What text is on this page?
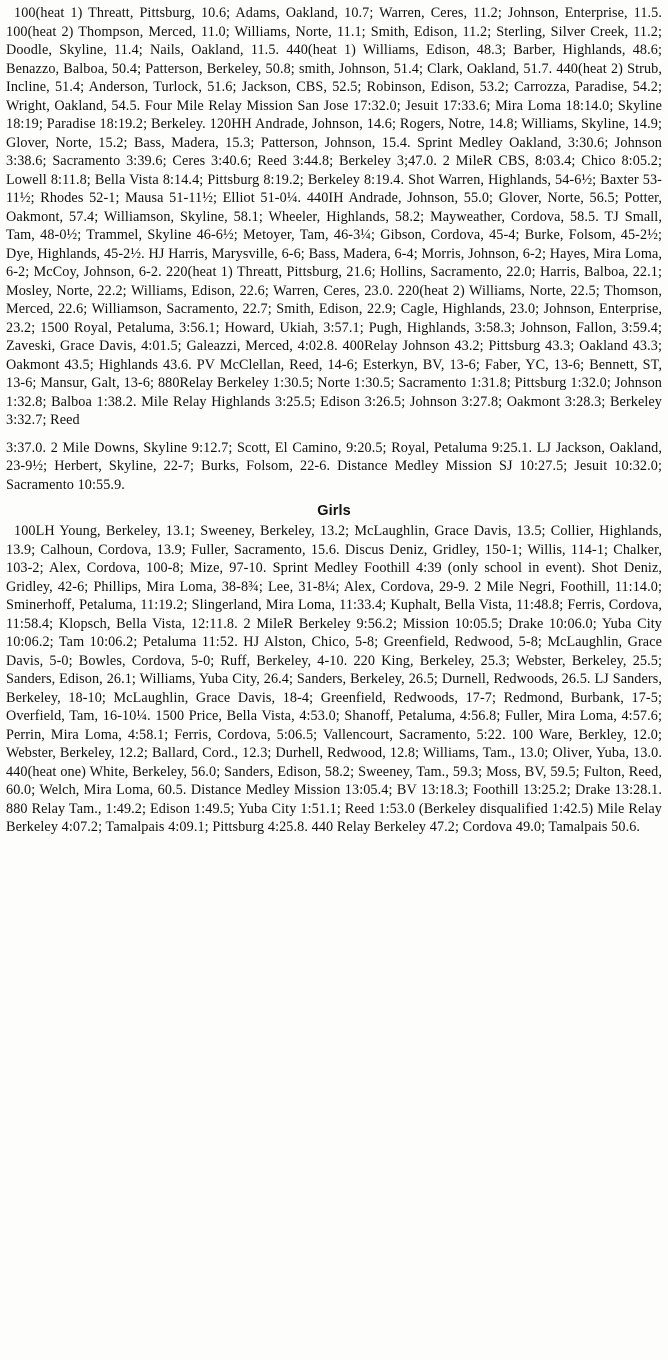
100(heat 1) Threatt, Pittsburg, 10.6; Adams, Oakland, 10.7; Warren, Ceres, 11.2; Johnson, Enterprise, 11.5. 100(heat 2) Thompson, Merced, 11.0; Williams, Norte, 11.1; Smith, Edison, 11.2; Sterling, Silver Creek, 11.2; Doodle, Skyline, 11.4; Nails, Oakland, 11.5. 440(heat 1) Williams, Edison, 48.3; Barber, Highlands, 48.6; Benazzo, Balboa, 50.4; Patterson, Berkeley, 50.8; smith, Johnson, 51.4; Clark, Oakland, 51.7. 440(heat 2) Strub, Incline, 51.4; Anderson, Turlock, 51.6; Jackson, CBS, 52.5; Robinson, Edison, 53.2; Carrozza, Paradise, 54.2; Wright, Oakland, 54.5. Four Mile Relay Mission San Jose 17:32.0; Jesuit 17:33.6; Mira Loma 18:14.0; Skyline 18:19; Paradise 18:19.2; Berkeley. 120HH Andrade, Johnson, 14.6; Rogers, Notre, 14.8; Williams, Skyline, 14.9; Glover, Norte, 15.2; Bass, Madera, 15.3; Patterson, Johnson, 15.4. Sprint Medley Oakland, 3:30.6; Johnson 3:38.6; Sacramento 3:39.6; Ceres 3:40.6; Reed 3:44.8; Berkeley 3;47.0. 2 MileR CBS, 8:03.4; Chico 8:05.2; Lowell 8:11.8; Bella Vista 8:14.4; Pittsburg 8:19.2; Berkeley 8:19.4. Shot Warren, Highlands, 54-6½; Baxter 53-11½; Rhodes 52-1; Mausa 51-11½; Elliot 51-0¼. 440IH Andrade, Johnson, 55.0; Glover, Norte, 56.5; Potter, Oakmont, 57.4; Williamson, Skyline, 58.1; Wheeler, Highlands, 58.2; Mayweather, Cordova, 58.5. TJ Small, Tam, 48-0½; Trammel, Skyline 46-6½; Metoyer, Tam, 46-3¼; Gibson, Cordova, 45-4; Burke, Folsom, 45-2½; Dye, Highlands, 45-2½. HJ Harris, Marysville, 6-6; Bass, Madera, 6-4; Morris, Johnson, 6-2; Hayes, Mira Loma, 6-2; McCoy, Johnson, 6-2. 220(heat 1) Threatt, Pittsburg, 21.6; Hollins, Sacramento, 22.0; Harris, Balboa, 22.1; Mosley, Norte, 22.2; Williams, Edison, 22.6; Warren, Ceres, 23.0. 220(heat 2) Williams, Norte, 22.5; Thomson, Merced, 22.6; Williamson, Sacramento, 22.7; Smith, Edison, 22.9; Cagle, Highlands, 23.0; Johnson, Enterprise, 23.2; 1500 Royal, Petaluma, 3:56.1; Howard, Ukiah, 3:57.1; Pugh, Highlands, 3:58.3; Johnson, Fallon, 3:59.4; Zaveski, Grace Davis, 4:01.5; Galeazzi, Merced, 4:02.8. 400Relay Johnson 43.2; Pittsburg 43.3; Oakland 43.3; Oakmont 43.5; Highlands 43.6. PV McClellan, Reed, 14-6; Esterkyn, BV, 13-6; Faber, YC, 13-6; Bennett, ST, 13-6; Mansur, Galt, 13-6; 880Relay Berkeley 1:30.5; Norte 1:30.5; Sacramento 1:31.8; Pittsburg 1:32.0; Johnson 1:32.8; Balboa 1:38.2. Mile Relay Highlands 3:25.5; Edison 3:26.5; Johnson 3:27.8; Oakmont 3:28.3; Berkeley 3:32.7; Reed

3:37.0. 2 Mile Downs, Skyline 9:12.7; Scott, El Camino, 9:20.5; Royal, Petaluma 9:25.1. LJ Jackson, Oakland, 23-9½; Herbert, Skyline, 22-7; Burks, Folsom, 22-6. Distance Medley Mission SJ 10:27.5; Jesuit 10:32.0; Sacramento 10:55.9.

Girls

100LH Young, Berkeley, 13.1; Sweeney, Berkeley, 13.2; McLaughlin, Grace Davis, 13.5; Collier, Highlands, 13.9; Calhoun, Cordova, 13.9; Fuller, Sacramento, 15.6. Discus Deniz, Gridley, 150-1; Willis, 114-1; Chalker, 103-2; Alex, Cordova, 100-8; Mize, 97-10. Sprint Medley Foothill 4:39 (only school in event). Shot Deniz, Gridley, 42-6; Phillips, Mira Loma, 38-8¾; Lee, 31-8¼; Alex, Cordova, 29-9. 2 Mile Negri, Foothill, 11:14.0; Sminerhoff, Petaluma, 11:19.2; Slingerland, Mira Loma, 11:33.4; Kuphalt, Bella Vista, 11:48.8; Ferris, Cordova, 11:58.4; Klopsch, Bella Vista, 12:11.8. 2 MileR Berkeley 9:56.2; Mission 10:05.5; Drake 10:06.0; Yuba City 10:06.2; Tam 10:06.2; Petaluma 11:52. HJ Alston, Chico, 5-8; Greenfield, Redwood, 5-8; McLaughlin, Grace Davis, 5-0; Bowles, Cordova, 5-0; Ruff, Berkeley, 4-10. 220 King, Berkeley, 25.3; Webster, Berkeley, 25.5; Sanders, Edison, 26.1; Williams, Yuba City, 26.4; Sanders, Berkeley, 26.5; Durnell, Redwoods, 26.5. LJ Sanders, Berkeley, 18-10; McLaughlin, Grace Davis, 18-4; Greenfield, Redwoods, 17-7; Redmond, Burbank, 17-5; Overfield, Tam, 16-10¼. 1500 Price, Bella Vista, 4:53.0; Shanoff, Petaluma, 4:56.8; Fuller, Mira Loma, 4:57.6; Perrin, Mira Loma, 4:58.1; Ferris, Cordova, 5:06.5; Vallencourt, Sacramento, 5:22. 100 Ware, Berkley, 12.0; Webster, Berkeley, 12.2; Ballard, Cord., 12.3; Durhell, Redwood, 12.8; Williams, Tam., 13.0; Oliver, Yuba, 13.0. 440(heat one) White, Berkeley, 56.0; Sanders, Edison, 58.2; Sweeney, Tam., 59.3; Moss, BV, 59.5; Fulton, Reed, 60.0; Welch, Mira Loma, 60.5. Distance Medley Mission 13:05.4; BV 13:18.3; Foothill 13:25.2; Drake 13:28.1. 880 Relay Tam., 1:49.2; Edison 1:49.5; Yuba City 1:51.1; Reed 1:53.0 (Berkeley disqualified 1:42.5) Mile Relay Berkeley 4:07.2; Tamalpais 4:09.1; Pittsburg 4:25.8. 440 Relay Berkeley 47.2; Cordova 49.0; Tamalpais 50.6.
